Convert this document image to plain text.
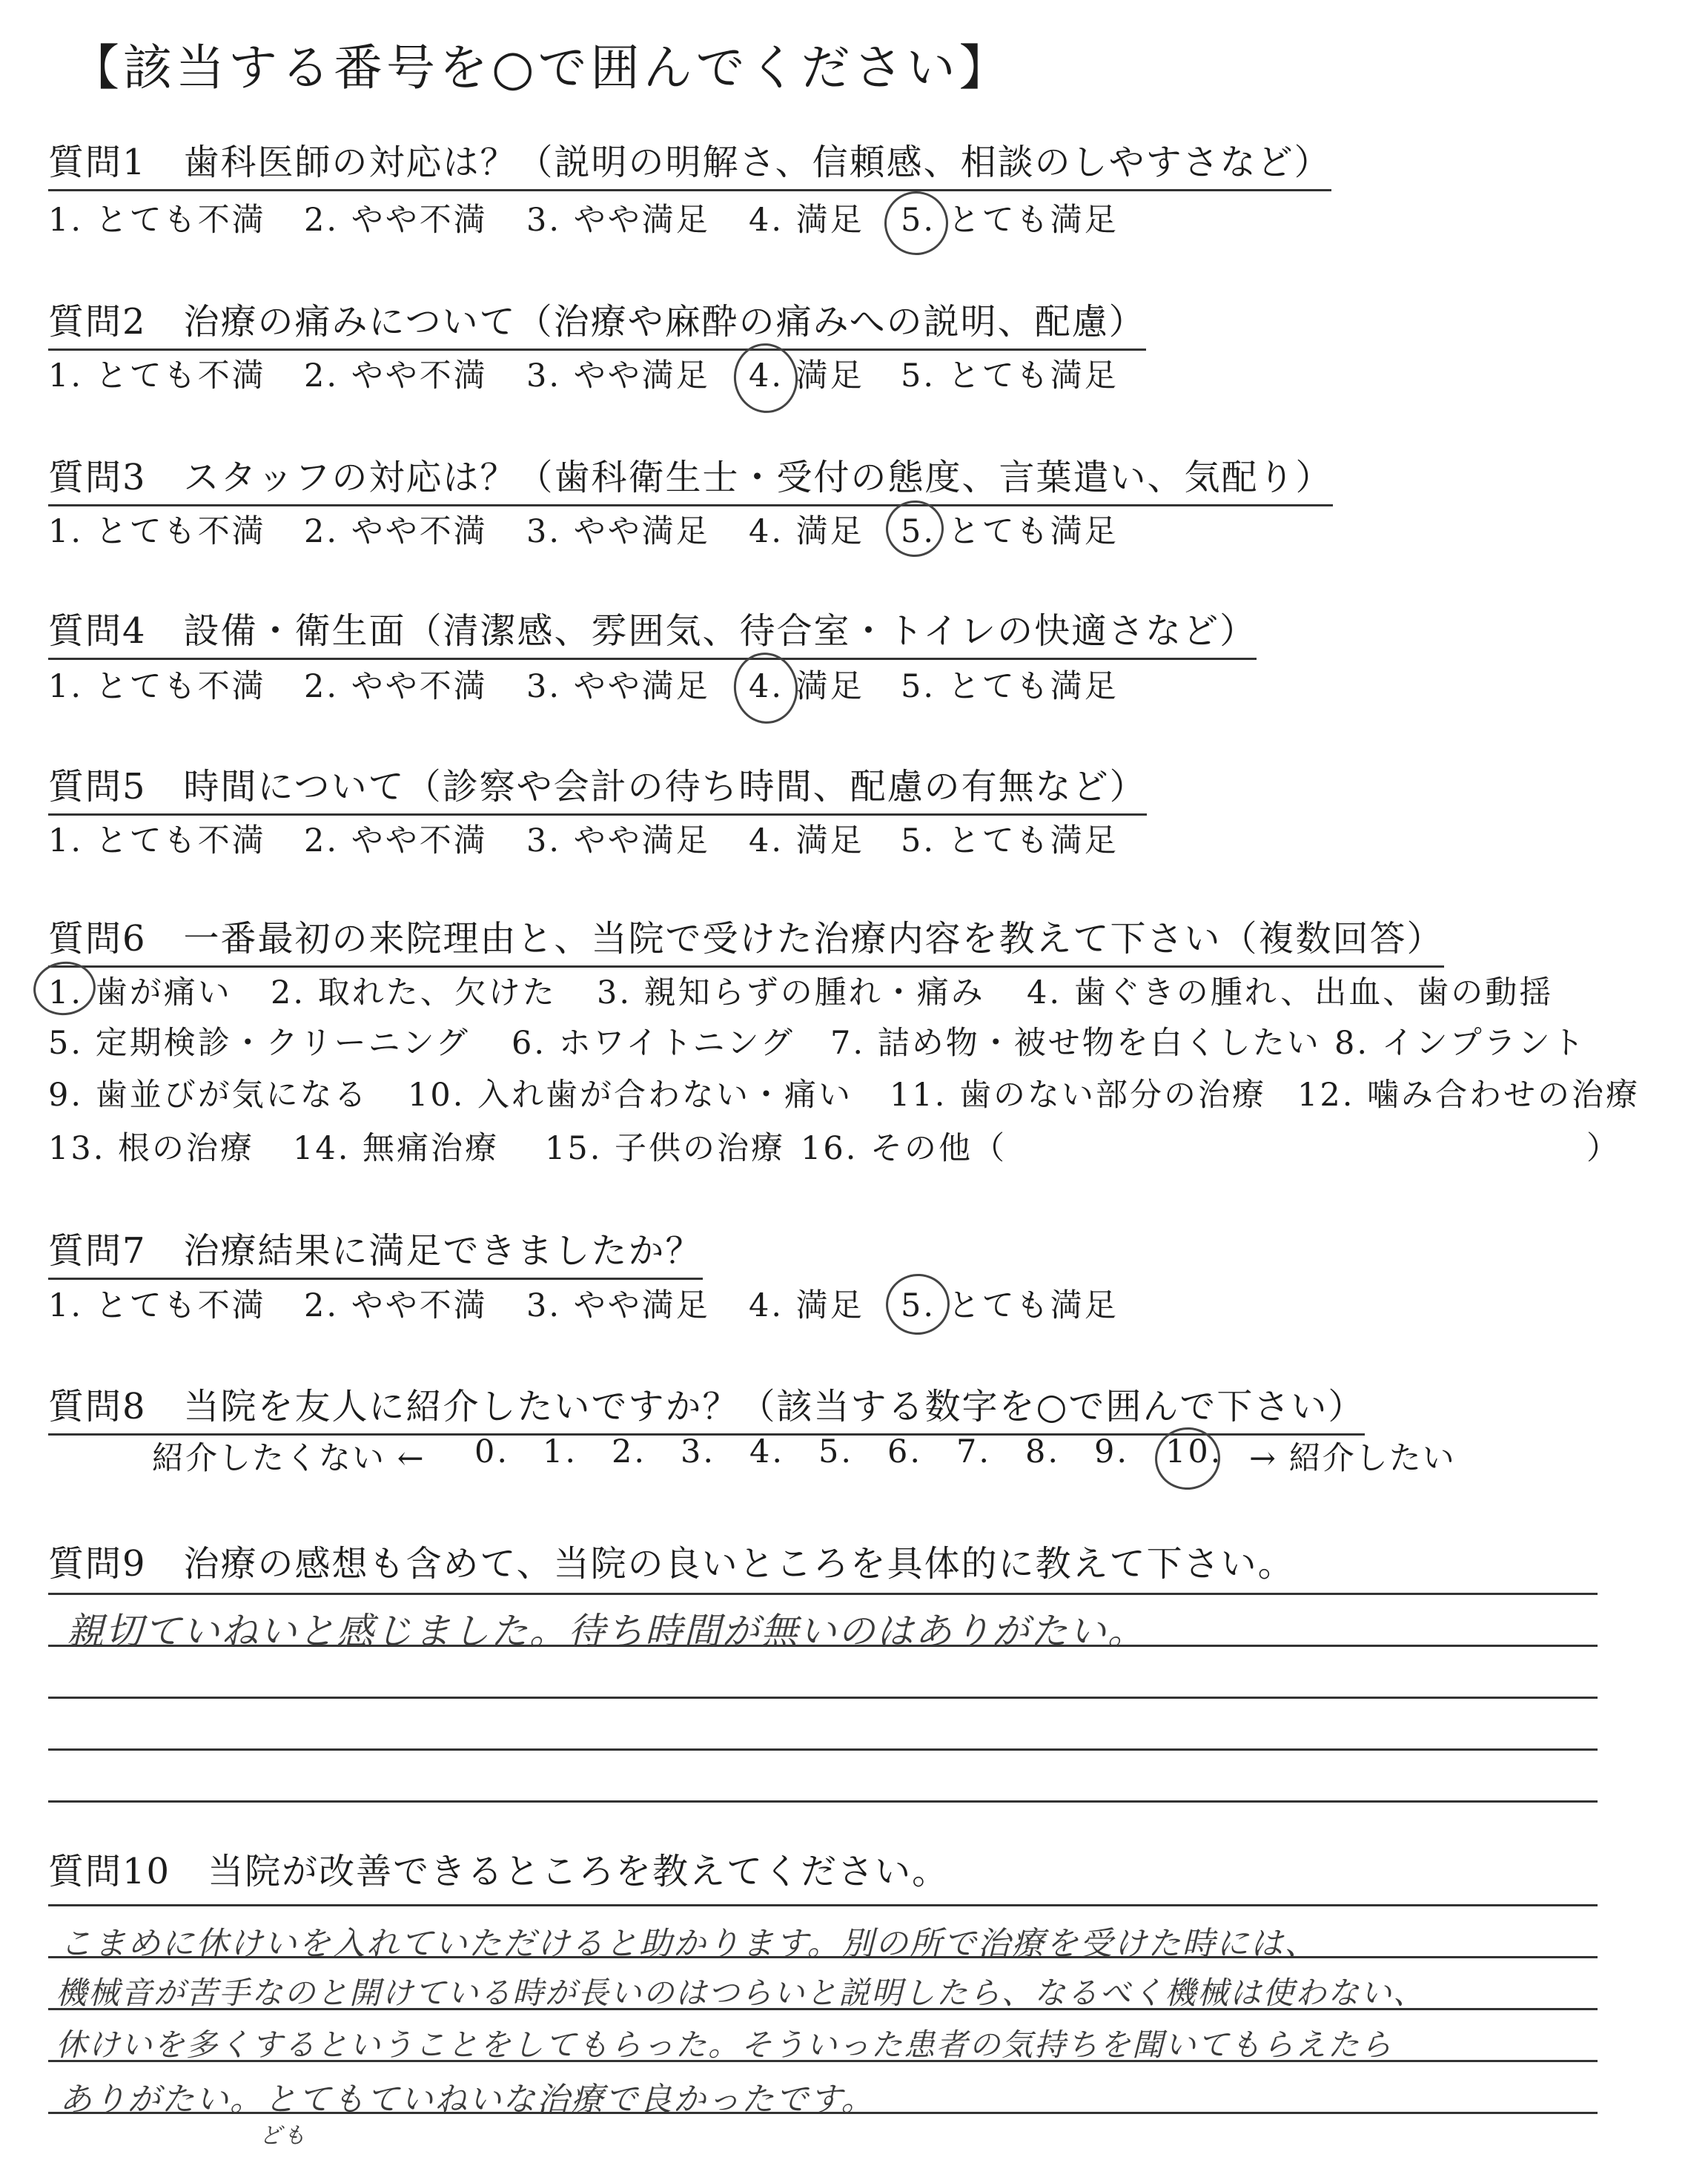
【該当する番号を○で囲んでください】
質問1　歯科医師の対応は？（説明の明解さ、信頼感、相談のしやすさなど）
1. とても不満 2. やや不満 3. やや満足 4. 満足 5. とても満足
質問2　治療の痛みについて（治療や麻酔の痛みへの説明、配慮）
1. とても不満 2. やや不満 3. やや満足 4. 満足 5. とても満足
質問3　スタッフの対応は？（歯科衛生士・受付の態度、言葉遣い、気配り）
1. とても不満 2. やや不満 3. やや満足 4. 満足 5. とても満足
質問4　設備・衛生面（清潔感、雰囲気、待合室・トイレの快適さなど）
1. とても不満 2. やや不満 3. やや満足 4. 満足 5. とても満足
質問5　時間について（診察や会計の待ち時間、配慮の有無など）
1. とても不満 2. やや不満 3. やや満足 4. 満足 5. とても満足
質問6　一番最初の来院理由と、当院で受けた治療内容を教えて下さい（複数回答）
1. 歯が痛い 2. 取れた、欠けた 3. 親知らずの腫れ・痛み 4. 歯ぐきの腫れ、出血、歯の動揺
5. 定期検診・クリーニング 6. ホワイトニング 7. 詰め物・被せ物を白くしたい 8. インプラント
9. 歯並びが気になる 10. 入れ歯が合わない・痛い 11. 歯のない部分の治療 12. 噛み合わせの治療
13. 根の治療 14. 無痛治療 15. 子供の治療 16. その他（	）
質問7　治療結果に満足できましたか？
1. とても不満 2. やや不満 3. やや満足 4. 満足 5. とても満足
質問8　当院を友人に紹介したいですか？（該当する数字を○で囲んで下さい）
紹介したくない ← 0. 1. 2. 3. 4. 5. 6. 7. 8. 9. 10. → 紹介したい
質問9　治療の感想も含めて、当院の良いところを具体的に教えて下さい。
親切ていねいと感じました。待ち時間が無いのはありがたい。
質問10　当院が改善できるところを教えてください。
こまめに休けいを入れていただけると助かります。別の所で治療を受けた時には、
機械音が苦手なのと開けている時が長いのはつらいと説明したら、なるべく機械は使わない、
休けいを多くするということをしてもらった。そういった患者の気持ちを聞いてもらえたら
ありがたい。とてもていねいな治療で良かったです。
ども
